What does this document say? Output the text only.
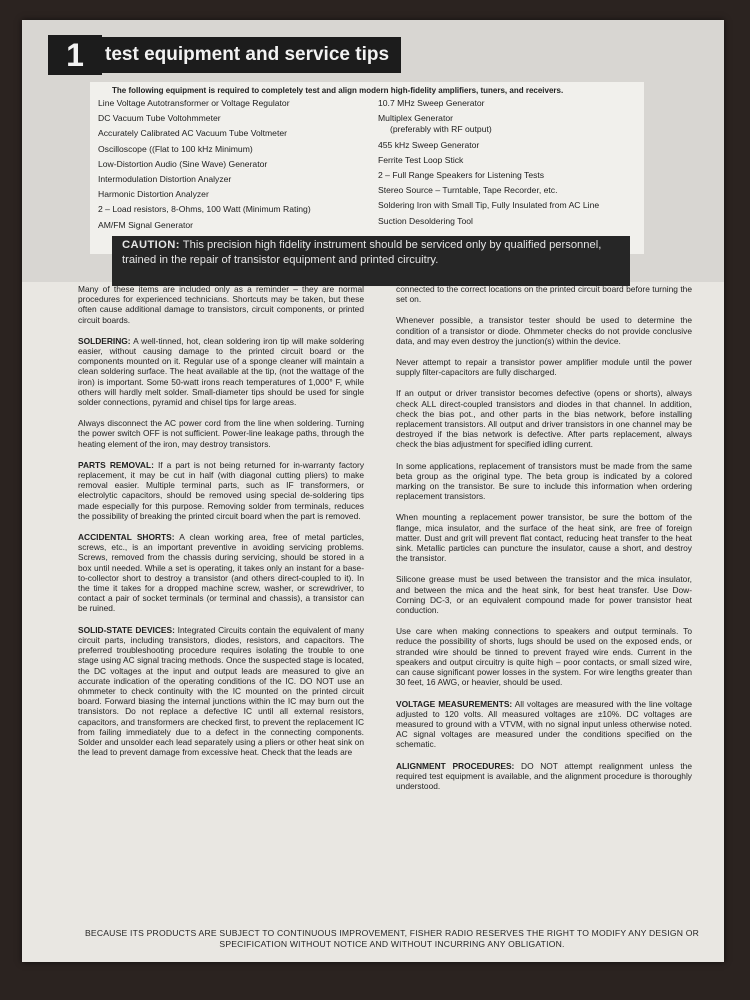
1	test equipment and service tips
The following equipment is required to completely test and align modern high-fidelity amplifiers, tuners, and receivers.
Line Voltage Autotransformer or Voltage Regulator
DC Vacuum Tube Voltohmmeter
Accurately Calibrated AC Vacuum Tube Voltmeter
Oscilloscope ((Flat to 100 kHz Minimum)
Low-Distortion Audio (Sine Wave) Generator
Intermodulation Distortion Analyzer
Harmonic Distortion Analyzer
2 – Load resistors, 8-Ohms, 100 Watt (Minimum Rating)
AM/FM Signal Generator
10.7 MHz Sweep Generator
Multiplex Generator
(preferably with RF output)
455 kHz Sweep Generator
Ferrite Test Loop Stick
2 – Full Range Speakers for Listening Tests
Stereo Source – Turntable, Tape Recorder, etc.
Soldering Iron with Small Tip, Fully Insulated from AC Line
Suction Desoldering Tool
CAUTION: This precision high fidelity instrument should be serviced only by qualified personnel, trained in the repair of transistor equipment and printed circuitry.

Many of these items are included only as a reminder – they are normal procedures for experienced technicians. Shortcuts may be taken, but these often cause additional damage to transistors, circuit components, or printed circuit boards.

SOLDERING: A well-tinned, hot, clean soldering iron tip will make soldering easier, without causing damage to the printed circuit board or the components mounted on it. Regular use of a sponge cleaner will maintain a clean soldering surface. The heat available at the tip, (not the wattage of the iron) is important. Some 50-watt irons reach temperatures of 1,000° F, while others will hardly melt solder. Small-diameter tips should be used for single solder connections, pyramid and chisel tips for large areas.

Always disconnect the AC power cord from the line when soldering. Turning the power switch OFF is not sufficient. Power-line leakage paths, through the heating element of the iron, may destroy transistors.

PARTS REMOVAL: If a part is not being returned for in-warranty factory replacement, it may be cut in half (with diagonal cutting pliers) to make removal easier. Multiple terminal parts, such as IF transformers, or electrolytic capacitors, should be removed using special de-soldering tips made especially for this purpose. Removing solder from terminals, reduces the possibility of breaking the printed circuit board when the part is removed.

ACCIDENTAL SHORTS: A clean working area, free of metal particles, screws, etc., is an important preventive in avoiding servicing problems. Screws, removed from the chassis during servicing, should be stored in a box until needed. While a set is operating, it takes only an instant for a base-to-collector short to destroy a transistor (and others direct-coupled to it). In the time it takes for a dropped machine screw, washer, or screwdriver, to contact a pair of socket terminals (or terminal and chassis), a transistor can be ruined.

SOLID-STATE DEVICES: Integrated Circuits contain the equivalent of many circuit parts, including transistors, diodes, resistors, and capacitors. The preferred troubleshooting procedure requires isolating the trouble to one stage using AC signal tracing methods. Once the suspected stage is located, the DC voltages at the input and output leads are measured to give an accurate indication of the operating conditions of the IC. DO NOT use an ohmmeter to check continuity with the IC mounted on the printed circuit board. Forward biasing the internal junctions within the IC may burn out the transistors. Do not replace a defective IC until all external resistors, capacitors, and transformers are checked first, to prevent the replacement IC from failing immediately due to a defect in the connecting components. Solder and unsolder each lead separately using a pliers or other heat sink on the lead to prevent damage from excessive heat. Check that the leads are

connected to the correct locations on the printed circuit board before turning the set on.

Whenever possible, a transistor tester should be used to determine the condition of a transistor or diode. Ohmmeter checks do not provide conclusive data, and may even destroy the junction(s) within the device.

Never attempt to repair a transistor power amplifier module until the power supply filter-capacitors are fully discharged.

If an output or driver transistor becomes defective (opens or shorts), always check ALL direct-coupled transistors and diodes in that channel. In addition, check the bias pot., and other parts in the bias network, before installing replacement transistors. All output and driver transistors in one channel may be destroyed if the bias network is defective. After parts replacement, always check the bias adjustment for specified idling current.

In some applications, replacement of transistors must be made from the same beta group as the original type. The beta group is indicated by a colored marking on the transistor. Be sure to include this information when ordering replacement transistors.

When mounting a replacement power transistor, be sure the bottom of the flange, mica insulator, and the surface of the heat sink, are free of foreign matter. Dust and grit will prevent flat contact, reducing heat transfer to the heat sink. Metallic particles can puncture the insulator, cause a short, and destroy the transistor.

Silicone grease must be used between the transistor and the mica insulator, and between the mica and the heat sink, for best heat transfer. Use Dow-Corning DC-3, or an equivalent compound made for power transistor heat conduction.

Use care when making connections to speakers and output terminals. To reduce the possibility of shorts, lugs should be used on the exposed ends, or stranded wire should be tinned to prevent frayed wire ends. Current in the speakers and output circuitry is quite high – poor contacts, or small sized wire, can cause significant power losses in the system. For wire lengths greater than 30 feet, 16 AWG, or heavier, should be used.

VOLTAGE MEASUREMENTS: All voltages are measured with the line voltage adjusted to 120 volts. All measured voltages are ±10%. DC voltages are measured to ground with a VTVM, with no signal input unless otherwise noted. AC signal voltages are measured under the conditions specified on the schematic.

ALIGNMENT PROCEDURES: DO NOT attempt realignment unless the required test equipment is available, and the alignment procedure is thoroughly understood.

BECAUSE ITS PRODUCTS ARE SUBJECT TO CONTINUOUS IMPROVEMENT, FISHER RADIO RESERVES THE RIGHT TO MODIFY ANY DESIGN OR SPECIFICATION WITHOUT NOTICE AND WITHOUT INCURRING ANY OBLIGATION.
